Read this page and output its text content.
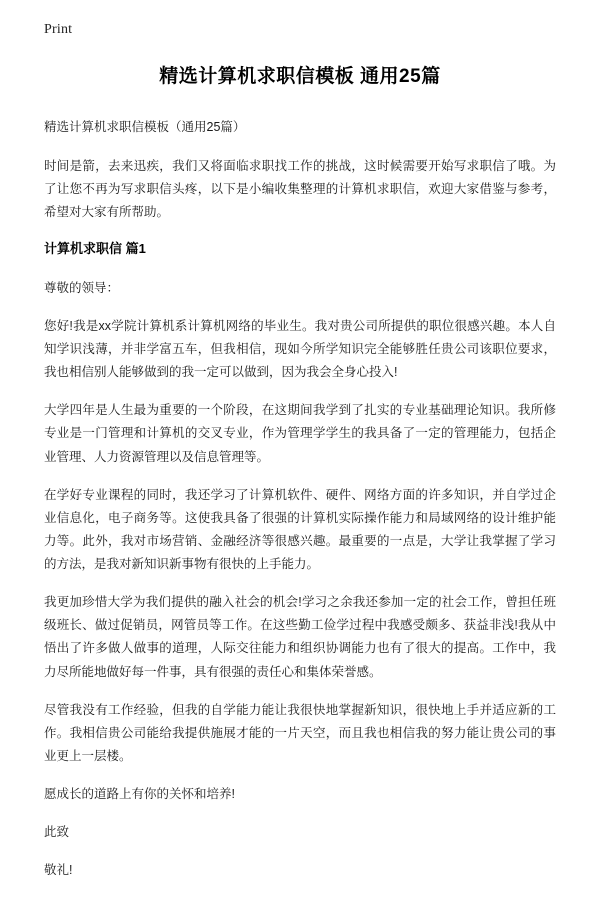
Print
精选计算机求职信模板 通用25篇

精选计算机求职信模板（通用25篇）

时间是箭，去来迅疾，我们又将面临求职找工作的挑战，这时候需要开始写求职信了哦。为了让您不再为写求职信头疼，以下是小编收集整理的计算机求职信，欢迎大家借鉴与参考，希望对大家有所帮助。

计算机求职信 篇1

尊敬的领导：

您好!我是xx学院计算机系计算机网络的毕业生。我对贵公司所提供的职位很感兴趣。本人自知学识浅薄，并非学富五车，但我相信，现如今所学知识完全能够胜任贵公司该职位要求，我也相信别人能够做到的我一定可以做到，因为我会全身心投入!

大学四年是人生最为重要的一个阶段，在这期间我学到了扎实的专业基础理论知识。我所修专业是一门管理和计算机的交叉专业，作为管理学学生的我具备了一定的管理能力，包括企业管理、人力资源管理以及信息管理等。

在学好专业课程的同时，我还学习了计算机软件、硬件、网络方面的许多知识，并自学过企业信息化，电子商务等。这使我具备了很强的计算机实际操作能力和局域网络的设计维护能力等。此外，我对市场营销、金融经济等很感兴趣。最重要的一点是，大学让我掌握了学习的方法，是我对新知识新事物有很快的上手能力。

我更加珍惜大学为我们提供的融入社会的机会!学习之余我还参加一定的社会工作，曾担任班级班长、做过促销员，网管员等工作。在这些勤工俭学过程中我感受颇多、获益非浅!我从中悟出了许多做人做事的道理，人际交往能力和组织协调能力也有了很大的提高。工作中，我力尽所能地做好每一件事，具有很强的责任心和集体荣誉感。

尽管我没有工作经验，但我的自学能力能让我很快地掌握新知识，很快地上手并适应新的工作。我相信贵公司能给我提供施展才能的一片天空，而且我也相信我的努力能让贵公司的事业更上一层楼。

愿成长的道路上有你的关怀和培养!

此致

敬礼!
